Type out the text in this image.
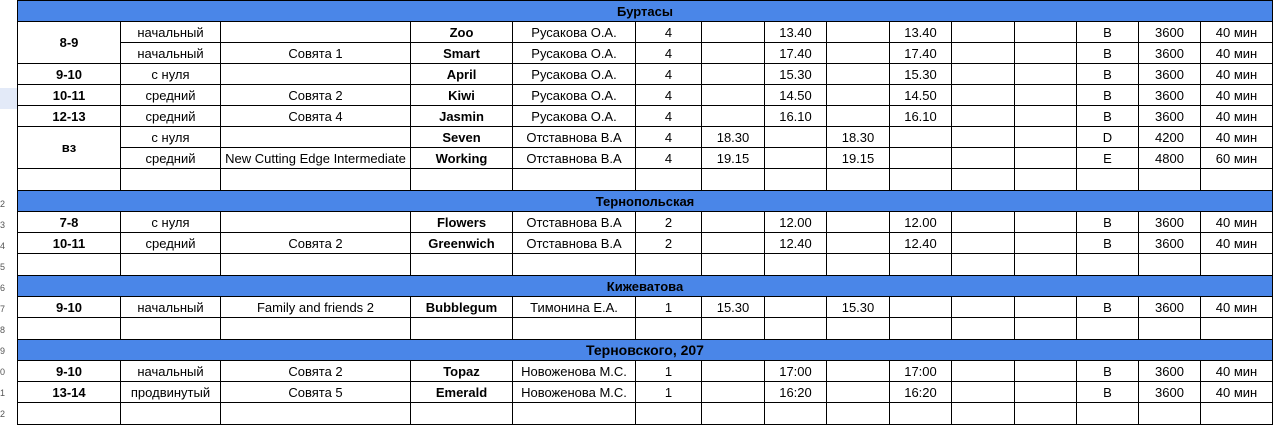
2
3
4
5
6
7
8
9
0
1
2
Буртасы														
8-9	начальный		Zoo	Русакова О.А.	4		13.40		13.40			B	3600	40 мин
	начальный	Совята 1	Smart	Русакова О.А.	4		17.40		17.40			B	3600	40 мин
9-10	с нуля		April	Русакова О.А.	4		15.30		15.30			B	3600	40 мин
10-11	средний	Совята 2	Kiwi	Русакова О.А.	4		14.50		14.50			B	3600	40 мин
12-13	средний	Совята 4	Jasmin	Русакова О.А.	4		16.10		16.10			B	3600	40 мин
вз	с нуля		Seven	Отставнова В.А	4	18.30		18.30				D	4200	40 мин
	средний	New Cutting Edge Intermediate	Working	Отставнова В.А	4	19.15		19.15				E	4800	60 мин

Тернопольская														
7-8	с нуля		Flowers	Отставнова В.А	2		12.00		12.00			B	3600	40 мин
10-11	средний	Совята 2	Greenwich	Отставнова В.А	2		12.40		12.40			B	3600	40 мин

Кижеватова														
9-10	начальный	Family and friends 2	Bubblegum	Тимонина Е.А.	1	15.30		15.30				B	3600	40 мин

Терновского, 207														
9-10	начальный	Совята 2	Topaz	Новоженова М.С.	1		17:00		17:00			B	3600	40 мин
13-14	продвинутый	Совята 5	Emerald	Новоженова М.С.	1		16:20		16:20			B	3600	40 мин
